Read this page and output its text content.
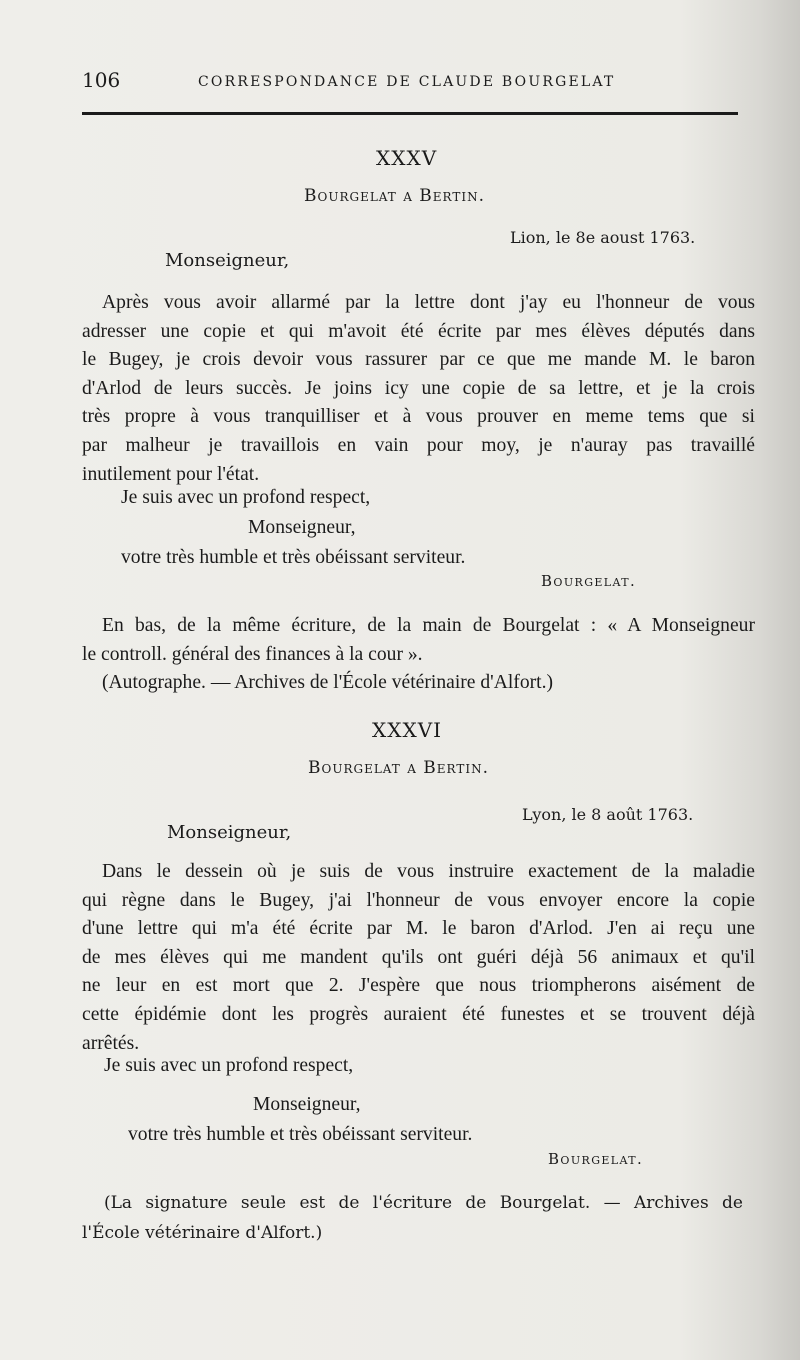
106	CORRESPONDANCE DE CLAUDE BOURGELAT
XXXV
Bourgelat a Bertin.
Lion, le 8e aoust 1763.
Monseigneur,
Après vous avoir allarmé par la lettre dont j'ay eu l'honneur de vous
adresser une copie et qui m'avoit été écrite par mes élèves députés dans
le Bugey, je crois devoir vous rassurer par ce que me mande M. le baron
d'Arlod de leurs succès. Je joins icy une copie de sa lettre, et je la crois
très propre à vous tranquilliser et à vous prouver en meme tems que si
par malheur je travaillois en vain pour moy, je n'auray pas travaillé
inutilement pour l'état.
Je suis avec un profond respect,
Monseigneur,
votre très humble et très obéissant serviteur.
Bourgelat.
En bas, de la même écriture, de la main de Bourgelat : « A Monseigneur
le controll. général des finances à la cour ».
(Autographe. — Archives de l'École vétérinaire d'Alfort.)
XXXVI
Bourgelat a Bertin.
Lyon, le 8 août 1763.
Monseigneur,
Dans le dessein où je suis de vous instruire exactement de la maladie
qui règne dans le Bugey, j'ai l'honneur de vous envoyer encore la copie
d'une lettre qui m'a été écrite par M. le baron d'Arlod. J'en ai reçu une
de mes élèves qui me mandent qu'ils ont guéri déjà 56 animaux et qu'il
ne leur en est mort que 2. J'espère que nous triompherons aisément de
cette épidémie dont les progrès auraient été funestes et se trouvent déjà
arrêtés.
Je suis avec un profond respect,
Monseigneur,
votre très humble et très obéissant serviteur.
Bourgelat.
(La signature seule est de l'écriture de Bourgelat. — Archives de
l'École vétérinaire d'Alfort.)
